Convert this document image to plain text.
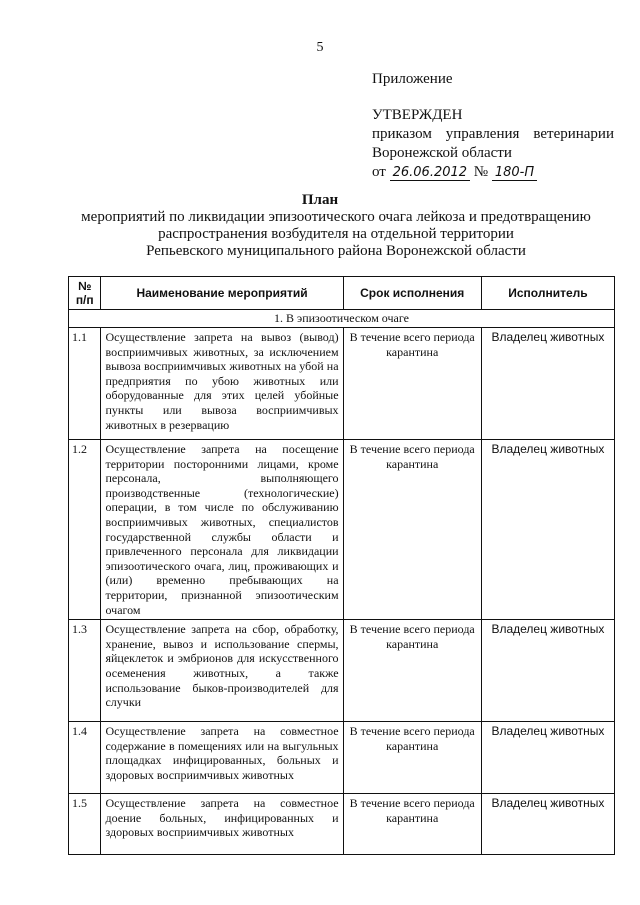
5
Приложение
УТВЕРЖДЕН
приказом управления ветеринарии
Воронежской области
от 26.06.2012 № 180-П
План
мероприятий по ликвидации эпизоотического очага лейкоза и предотвращению
распространения возбудителя на отдельной территории
Репьевского муниципального района Воронежской области
№ п/п	Наименование мероприятий	Срок исполнения	Исполнитель
1. В эпизоотическом очаге			
1.1	Осуществление запрета на вывоз (вывод) восприимчивых животных, за исключением вывоза восприимчивых животных на убой на предприятия по убою животных или оборудованные для этих целей убойные пункты или вывоза восприимчивых животных в резервацию	В течение всего периода карантина	Владелец животных
1.2	Осуществление запрета на посещение территории посторонними лицами, кроме персонала, выполняющего производственные (технологические) операции, в том числе по обслуживанию восприимчивых животных, специалистов государственной службы области и привлеченного персонала для ликвидации эпизоотического очага, лиц, проживающих и (или) временно пребывающих на территории, признанной эпизоотическим очагом	В течение всего периода карантина	Владелец животных
1.3	Осуществление запрета на сбор, обработку, хранение, вывоз и использование спермы, яйцеклеток и эмбрионов для искусственного осеменения животных, а также использование быков-производителей для случки	В течение всего периода карантина	Владелец животных
1.4	Осуществление запрета на совместное содержание в помещениях или на выгульных площадках инфицированных, больных и здоровых восприимчивых животных	В течение всего периода карантина	Владелец животных
1.5	Осуществление запрета на совместное доение больных, инфицированных и здоровых восприимчивых животных	В течение всего периода карантина	Владелец животных
